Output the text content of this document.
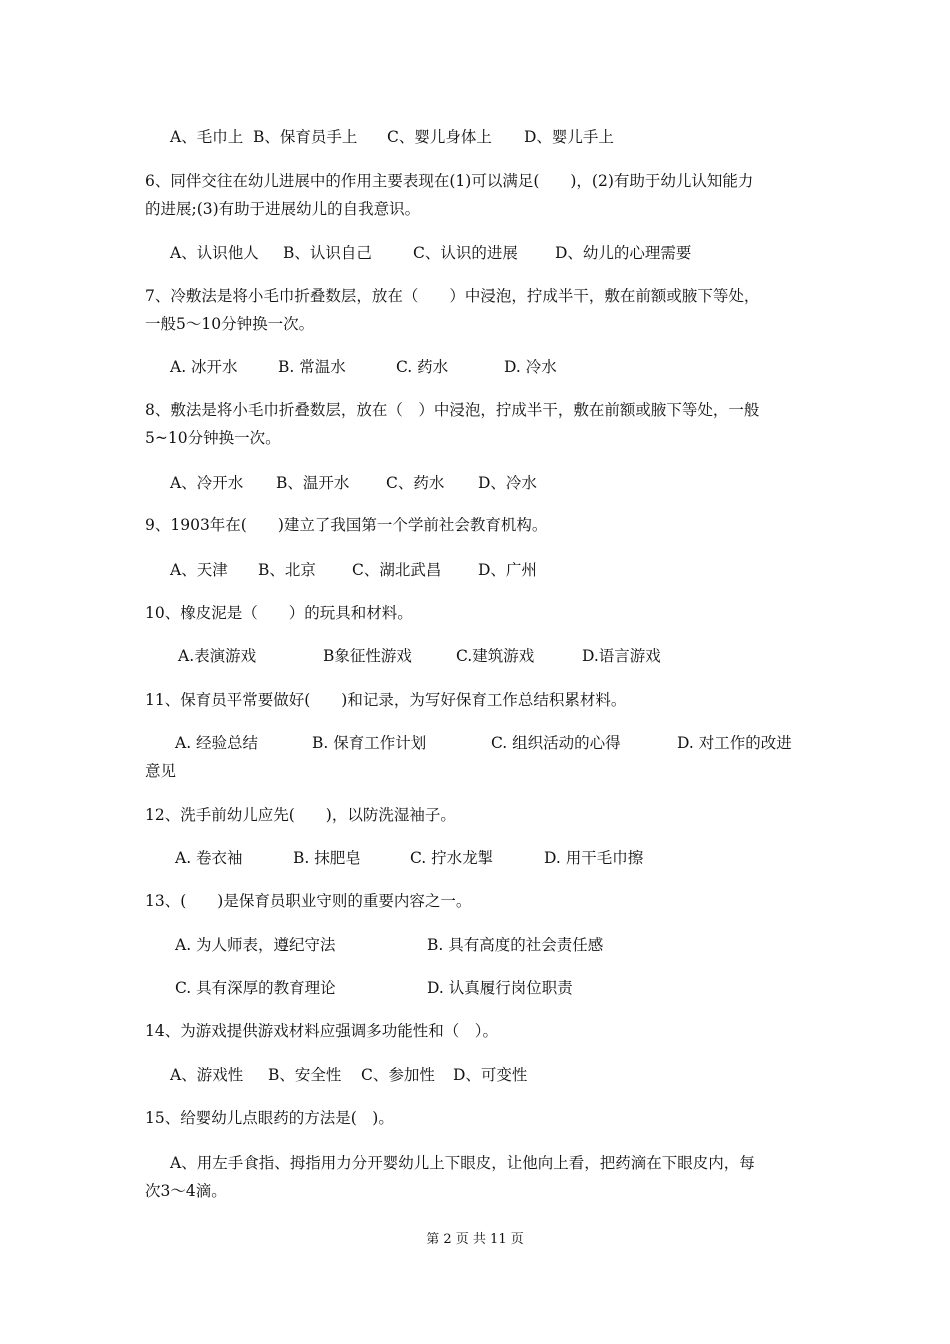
A、毛巾上 B、保育员手上	C、婴儿身体上	D、婴儿手上
6、同伴交往在幼儿进展中的作用主要表现在(1)可以满足(　　)，(2)有助于幼儿认知能力
的进展;(3)有助于进展幼儿的自我意识。
A、认识他人	B、认识自己	C、认识的进展	D、幼儿的心理需要
7、冷敷法是将小毛巾折叠数层，放在（　　）中浸泡，拧成半干，敷在前额或腋下等处，
一般5～10分钟换一次。
A. 冰开水	B. 常温水	C. 药水	D. 冷水
8、敷法是将小毛巾折叠数层，放在（　）中浸泡，拧成半干，敷在前额或腋下等处，一般
5~10分钟换一次。
A、冷开水	B、温开水	C、药水	D、冷水
9、1903年在(　　)建立了我国第一个学前社会教育机构。
A、天津	B、北京	C、湖北武昌	D、广州
10、橡皮泥是（　　）的玩具和材料。
A.表演游戏	B象征性游戏	C.建筑游戏	D.语言游戏
11、保育员平常要做好(　　)和记录，为写好保育工作总结积累材料。
A. 经验总结	B. 保育工作计划	C. 组织活动的心得	D. 对工作的改进
意见
12、洗手前幼儿应先(　　)，以防洗湿袖子。
A. 卷衣袖	B. 抹肥皂	C. 拧水龙掣	D. 用干毛巾擦
13、(　　)是保育员职业守则的重要内容之一。
A. 为人师表，遵纪守法	B. 具有高度的社会责任感
C. 具有深厚的教育理论	D. 认真履行岗位职责
14、为游戏提供游戏材料应强调多功能性和（　）。
A、游戏性	B、安全性	C、参加性	D、可变性
15、给婴幼儿点眼药的方法是(　)。
A、用左手食指、拇指用力分开婴幼儿上下眼皮，让他向上看，把药滴在下眼皮内，每
次3～4滴。
第 2 页 共 11 页
